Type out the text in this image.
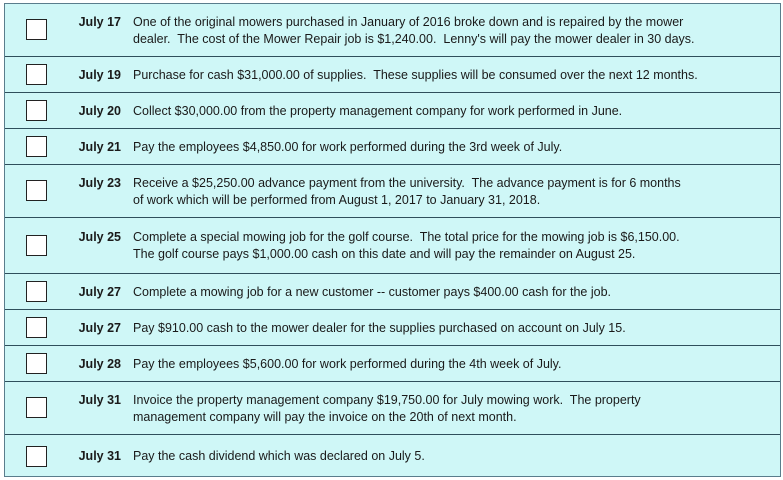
July 17 One of the original mowers purchased in January of 2016 broke down and is repaired by the mower
dealer.  The cost of the Mower Repair job is $1,240.00.  Lenny's will pay the mower dealer in 30 days.
July 19 Purchase for cash $31,000.00 of supplies.  These supplies will be consumed over the next 12 months.
July 20 Collect $30,000.00 from the property management company for work performed in June.
July 21 Pay the employees $4,850.00 for work performed during the 3rd week of July.
July 23 Receive a $25,250.00 advance payment from the university.  The advance payment is for 6 months
of work which will be performed from August 1, 2017 to January 31, 2018.
July 25 Complete a special mowing job for the golf course.  The total price for the mowing job is $6,150.00.
The golf course pays $1,000.00 cash on this date and will pay the remainder on August 25.
July 27 Complete a mowing job for a new customer -- customer pays $400.00 cash for the job.
July 27 Pay $910.00 cash to the mower dealer for the supplies purchased on account on July 15.
July 28 Pay the employees $5,600.00 for work performed during the 4th week of July.
July 31 Invoice the property management company $19,750.00 for July mowing work.  The property
management company will pay the invoice on the 20th of next month.
July 31 Pay the cash dividend which was declared on July 5.
